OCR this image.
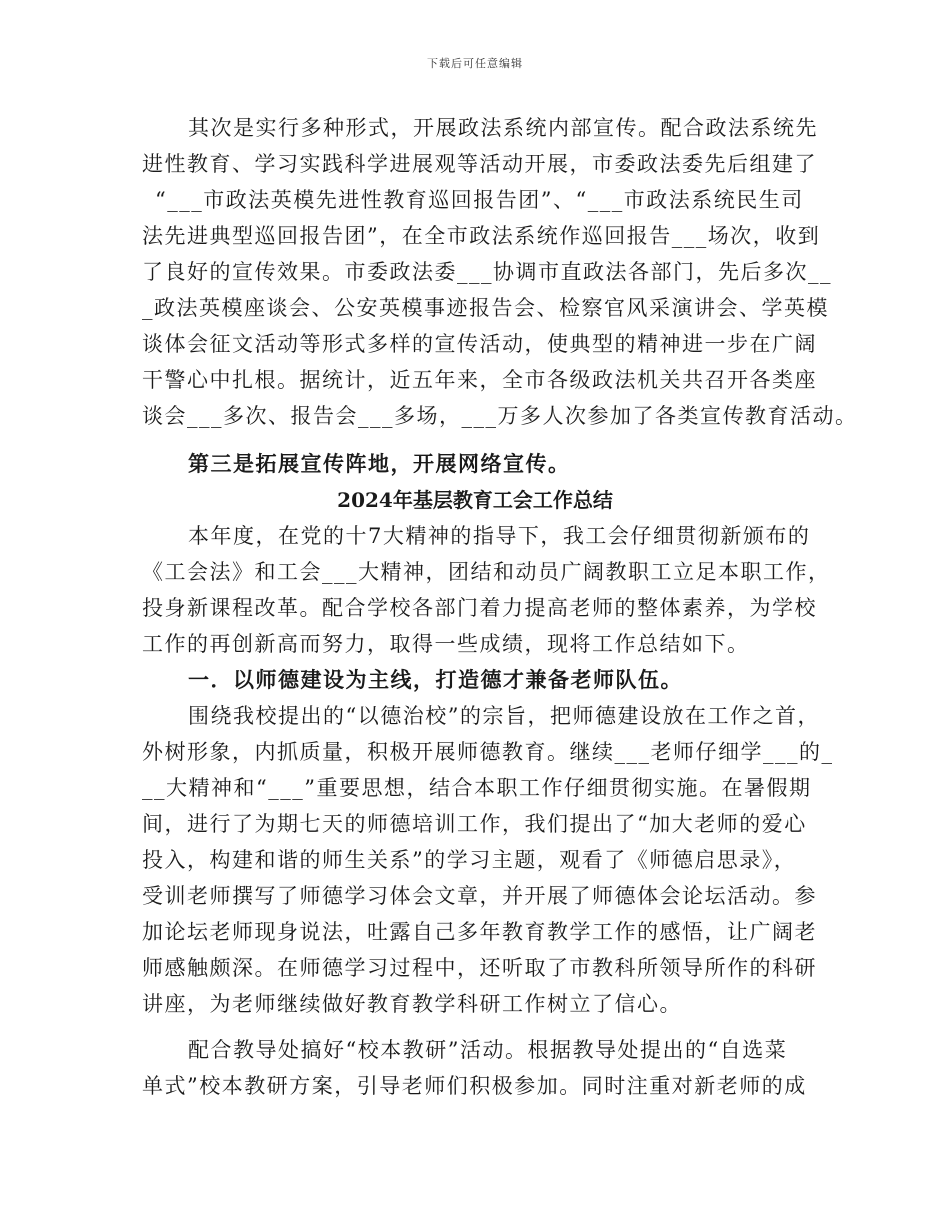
下载后可任意编辑
其次是实行多种形式，开展政法系统内部宣传。配合政法系统先
进性教育、学习实践科学进展观等活动开展，市委政法委先后组建了
“___市政法英模先进性教育巡回报告团”、“___市政法系统民生司
法先进典型巡回报告团”，在全市政法系统作巡回报告___场次，收到
了良好的宣传效果。市委政法委___协调市直政法各部门，先后多次__
_政法英模座谈会、公安英模事迹报告会、检察官风采演讲会、学英模
谈体会征文活动等形式多样的宣传活动，使典型的精神进一步在广阔
干警心中扎根。据统计，近五年来，全市各级政法机关共召开各类座
谈会___多次、报告会___多场，___万多人次参加了各类宣传教育活动。
第三是拓展宣传阵地，开展网络宣传。
2024年基层教育工会工作总结
本年度，在党的十7大精神的指导下，我工会仔细贯彻新颁布的
《工会法》和工会___大精神，团结和动员广阔教职工立足本职工作，
投身新课程改革。配合学校各部门着力提高老师的整体素养，为学校
工作的再创新高而努力，取得一些成绩，现将工作总结如下。
一．以师德建设为主线，打造德才兼备老师队伍。
围绕我校提出的“以德治校”的宗旨，把师德建设放在工作之首，
外树形象，内抓质量，积极开展师德教育。继续___老师仔细学___的_
__大精神和“___”重要思想，结合本职工作仔细贯彻实施。在暑假期
间，进行了为期七天的师德培训工作，我们提出了“加大老师的爱心
投入，构建和谐的师生关系”的学习主题，观看了《师德启思录》，
受训老师撰写了师德学习体会文章，并开展了师德体会论坛活动。参
加论坛老师现身说法，吐露自己多年教育教学工作的感悟，让广阔老
师感触颇深。在师德学习过程中，还听取了市教科所领导所作的科研
讲座，为老师继续做好教育教学科研工作树立了信心。
配合教导处搞好“校本教研”活动。根据教导处提出的“自选菜
单式”校本教研方案，引导老师们积极参加。同时注重对新老师的成
